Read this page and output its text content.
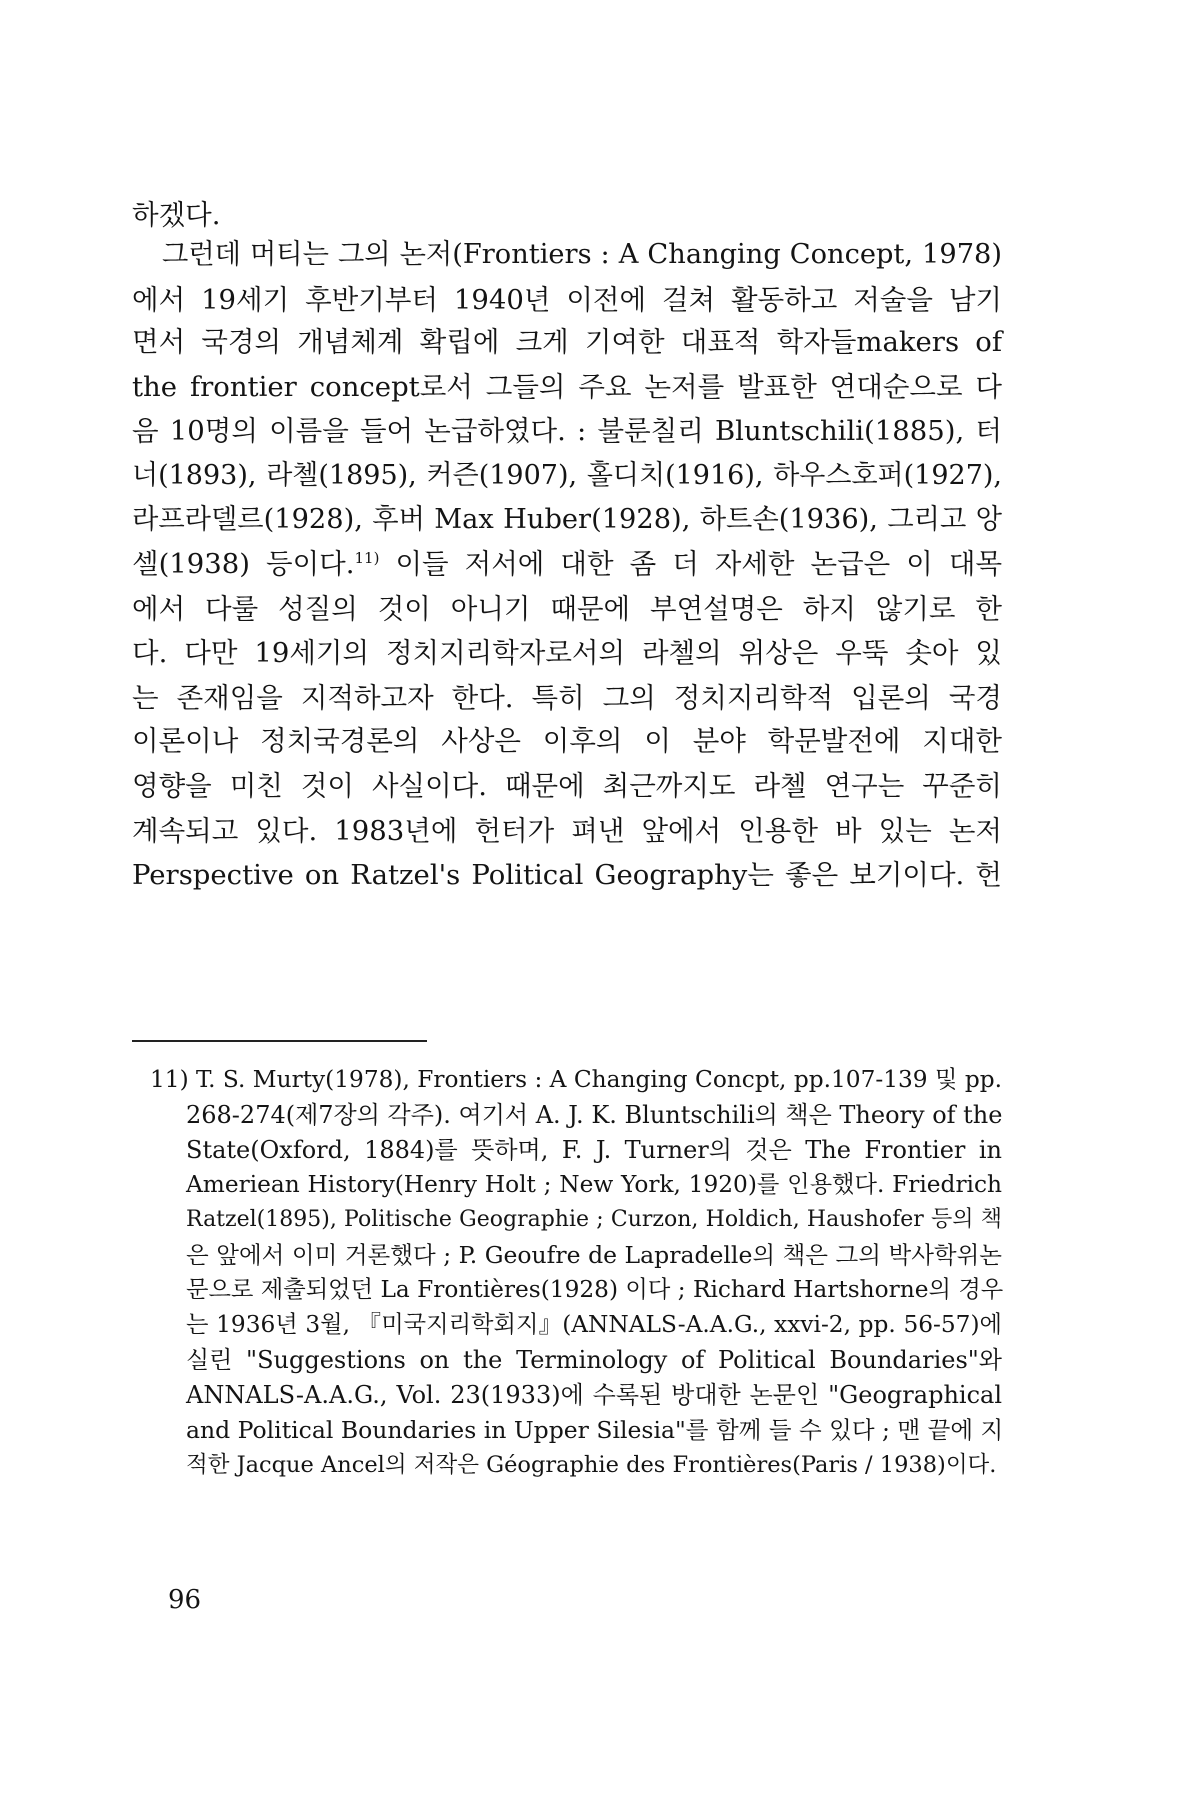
하겠다.
그런데 머티는 그의 논저(Frontiers : A Changing Concept, 1978)
에서 19세기 후반기부터 1940년 이전에 걸쳐 활동하고 저술을 남기
면서 국경의 개념체계 확립에 크게 기여한 대표적 학자들makers of
the frontier concept로서 그들의 주요 논저를 발표한 연대순으로 다
음 10명의 이름을 들어 논급하였다. : 불룬칠리 Bluntschili(1885), 터
너(1893), 라첼(1895), 커즌(1907), 홀디치(1916), 하우스호퍼(1927),
라프라델르(1928), 후버 Max Huber(1928), 하트손(1936), 그리고 앙
셀(1938) 등이다.$^{11)}$ 이들 저서에 대한 좀 더 자세한 논급은 이 대목
에서 다룰 성질의 것이 아니기 때문에 부연설명은 하지 않기로 한
다. 다만 19세기의 정치지리학자로서의 라첼의 위상은 우뚝 솟아 있
는 존재임을 지적하고자 한다. 특히 그의 정치지리학적 입론의 국경
이론이나 정치국경론의 사상은 이후의 이 분야 학문발전에 지대한
영향을 미친 것이 사실이다. 때문에 최근까지도 라첼 연구는 꾸준히
계속되고 있다. 1983년에 헌터가 펴낸 앞에서 인용한 바 있는 논저
Perspective on Ratzel's Political Geography는 좋은 보기이다. 헌
11) T. S. Murty(1978), Frontiers : A Changing Concpt, pp.107-139 및 pp.
268-274(제7장의 각주). 여기서 A. J. K. Bluntschili의 책은 Theory of the
State(Oxford, 1884)를 뜻하며, F. J. Turner의 것은 The Frontier in
Amerieаn History(Henry Holt ; New York, 1920)를 인용했다. Friedrich
Ratzel(1895), Politische Geographie ; Curzon, Holdich, Haushofer 등의 책
은 앞에서 이미 거론했다 ; P. Geoufre de Lapradelle의 책은 그의 박사학위논
문으로 제출되었던 La Frontières(1928) 이다 ; Richard Hartshorne의 경우
는 1936년 3월, 『미국지리학회지』(ANNALS-A.A.G., xxvi-2, pp. 56-57)에
실린 "Suggestions on the Terminology of Political Boundaries"와
ANNALS-A.A.G., Vol. 23(1933)에 수록된 방대한 논문인 "Geographical
and Political Boundaries in Upper Silesia"를 함께 들 수 있다 ; 맨 끝에 지
적한 Jacque Ancel의 저작은 Géographie des Frontières(Paris / 1938)이다.
96
